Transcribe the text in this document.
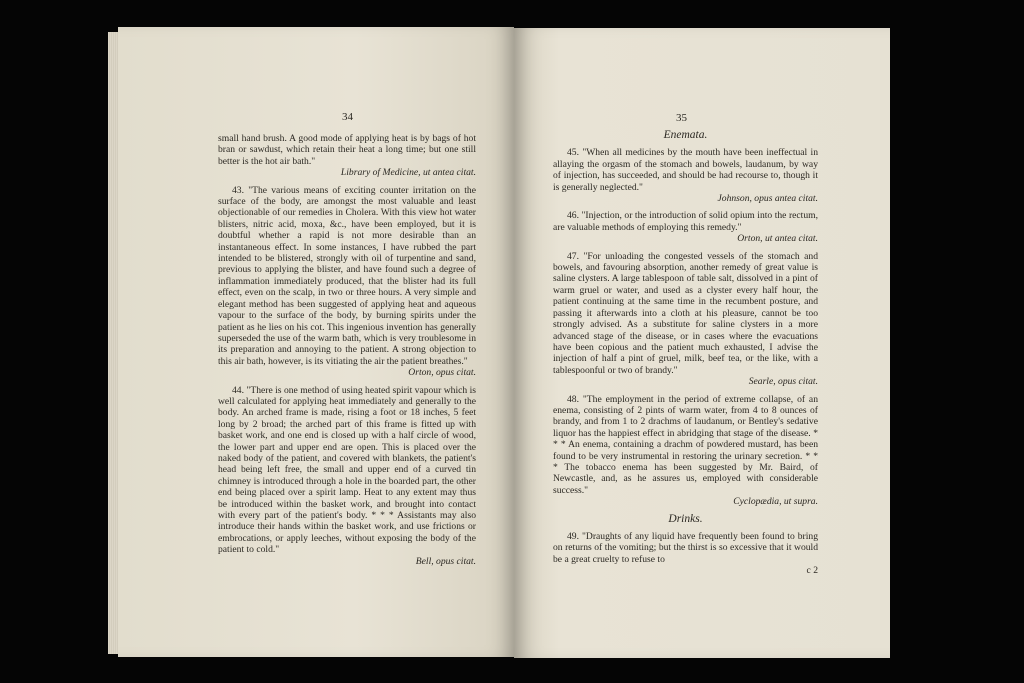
34

small hand brush. A good mode of applying heat is by bags of hot bran or sawdust, which retain their heat a long time; but one still better is the hot air bath."

Library of Medicine, ut antea citat.

43. "The various means of exciting counter irritation on the surface of the body, are amongst the most valuable and least objectionable of our remedies in Cholera. With this view hot water blisters, nitric acid, moxa, &c., have been employed, but it is doubtful whether a rapid is not more desirable than an instantaneous effect. In some instances, I have rubbed the part intended to be blistered, strongly with oil of turpentine and sand, previous to applying the blister, and have found such a degree of inflammation immediately produced, that the blister had its full effect, even on the scalp, in two or three hours. A very simple and elegant method has been suggested of applying heat and aqueous vapour to the surface of the body, by burning spirits under the patient as he lies on his cot. This ingenious invention has generally superseded the use of the warm bath, which is very troublesome in its preparation and annoying to the patient. A strong objection to this air bath, however, is its vitiating the air the patient breathes."

Orton, opus citat.

44. "There is one method of using heated spirit vapour which is well calculated for applying heat immediately and generally to the body. An arched frame is made, rising a foot or 18 inches, 5 feet long by 2 broad; the arched part of this frame is fitted up with basket work, and one end is closed up with a half circle of wood, the lower part and upper end are open. This is placed over the naked body of the patient, and covered with blankets, the patient's head being left free, the small and upper end of a curved tin chimney is introduced through a hole in the boarded part, the other end being placed over a spirit lamp. Heat to any extent may thus be introduced within the basket work, and brought into contact with every part of the patient's body. * * * Assistants may also introduce their hands within the basket work, and use frictions or embrocations, or apply leeches, without exposing the body of the patient to cold."

Bell, opus citat.

35

Enemata.

45. "When all medicines by the mouth have been ineffectual in allaying the orgasm of the stomach and bowels, laudanum, by way of injection, has succeeded, and should be had recourse to, though it is generally neglected."

Johnson, opus antea citat.

46. "Injection, or the introduction of solid opium into the rectum, are valuable methods of employing this remedy."

Orton, ut antea citat.

47. "For unloading the congested vessels of the stomach and bowels, and favouring absorption, another remedy of great value is saline clysters. A large tablespoon of table salt, dissolved in a pint of warm gruel or water, and used as a clyster every half hour, the patient continuing at the same time in the recumbent posture, and passing it afterwards into a cloth at his pleasure, cannot be too strongly advised. As a substitute for saline clysters in a more advanced stage of the disease, or in cases where the evacuations have been copious and the patient much exhausted, I advise the injection of half a pint of gruel, milk, beef tea, or the like, with a tablespoonful or two of brandy."

Searle, opus citat.

48. "The employment in the period of extreme collapse, of an enema, consisting of 2 pints of warm water, from 4 to 8 ounces of brandy, and from 1 to 2 drachms of laudanum, or Bentley's sedative liquor has the happiest effect in abridging that stage of the disease. * * * An enema, containing a drachm of powdered mustard, has been found to be very instrumental in restoring the urinary secretion. * * * The tobacco enema has been suggested by Mr. Baird, of Newcastle, and, as he assures us, employed with considerable success."

Cyclopædia, ut supra.

Drinks.

49. "Draughts of any liquid have frequently been found to bring on returns of the vomiting; but the thirst is so excessive that it would be a great cruelty to refuse to

c 2
